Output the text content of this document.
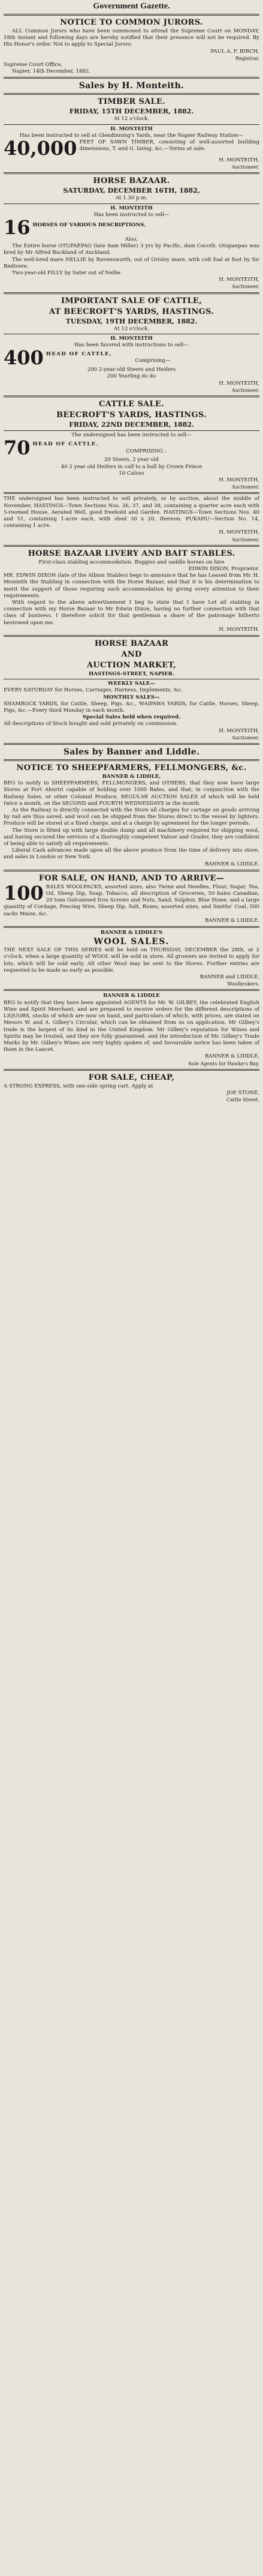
Government Gazette.
NOTICE TO COMMON JURORS.
ALL Common Jurors who have been summoned to attend the Supreme Court on MONDAY, 18th instant and following days are hereby notified that their presence will not be required. By His Honor's order. Not to apply to Special Jurors.
PAUL A. F. BIRCH,
Registrar.
Supreme Court Office,
Napier, 14th December, 1882.
Sales by H. Monteith.
TIMBER SALE.
FRIDAY, 15TH DECEMBER, 1882.
At 12 o'clock.
H. MONTEITH
Has been instructed to sell at Glendinning's Yards, near the Napier Railway Station—
40,000 FEET OF SAWN TIMBER, consisting of well-assorted building dimensions, T. and G. lining, &c.—Terms at sale.
H. MONTEITH,
Auctioneer.
HORSE BAZAAR.
SATURDAY, DECEMBER 16TH, 1882,
At 1.30 p.m.
H. MONTEITH
Has been instructed to sell—
16 HORSES OF VARIOUS DESCRIPTIONS.
Also,
The Entire horse OTUPAEPAO (late Sam Miller) 3 yrs by Pacific, dam Cocoth. Otupaepao was bred by Mr Alfred Buckland of Auckland.
The well-bred mare NELLIE by Ravensworth, out of Grisley mare, with colt foal at foot by Sir Bedivere.
Two-year-old FILLY by Sater out of Nellie
H. MONTEITH,
Auctioneer.
IMPORTANT SALE OF CATTLE,
AT BEECROFT'S YARDS, HASTINGS.
TUESDAY, 19TH DECEMBER, 1882.
At 12 o'clock.
H. MONTEITH
Has been favored with instructions to sell—
400 HEAD OF CATTLE,
Comprising—
200 2-year-old Steers and Heifers
200 Yearling do do
H. MONTEITH,
Auctioneer.
CATTLE SALE.
BEECROFT'S YARDS, HASTINGS.
FRIDAY, 22ND DECEMBER, 1882.
The undersigned has been instructed to sell—
70 HEAD OF CATTLE.
COMPRISING :
20 Steers, 2 year old
40 2 year old Heifers in calf to a bull by Crown Prince
10 Calves
H. MONTEITH,
Auctioneer.
THE undersigned has been instructed to sell privately, or by auction, about the middle of November, HASTINGS—Town Sections Nos. 26, 37, and 38, containing a quarter acre each with 5-roomed House, Aerated Well, good freehold and Garden. HASTINGS—Town Sections Nos. 40 and 51, containing 1-acre each, with shed 30 x 20, thereon. PUKAHU—Section No. 14, containing 1 acre.
H. MONTEITH,
Auctioneer.
HORSE BAZAAR LIVERY AND BAIT STABLES.
First-class stabling accommodation. Buggies and saddle horses on hire
EDWIN DIXON, Proprietor.
MR. EDWIN DIXON (late of the Albion Stables) begs to announce that he has Leased from Mr. H. Monteith the Stabling in connection with the Horse Bazaar, and that it is his determination to merit the support of those requiring such accommodation by giving every attention to their requirements.
With regard to the above advertisement I beg to state that I have Let all stabling in connection with my Horse Bazaar to Mr Edwin Dixon, having no further connection with that class of business. I therefore solicit for that gentleman a share of the patronage hitherto bestowed upon me.
H. MONTEITH.
HORSE BAZAAR
AND
AUCTION MARKET,
HASTINGS-STREET, NAPIER.
WEEKLY SALE—
EVERY SATURDAY for Horses, Carriages, Harness, Implements, &c.
MONTHLY SALES—
SHAMROCK YARDS, for Cattle, Sheep, Pigs, &c., WAIPAWA YARDS, for Cattle, Horses, Sheep, Pigs, &c.—Every third Monday in each month.
Special Sales held when required.
All descriptions of Stock bought and sold privately on commission.
H. MONTEITH,
Auctioneer.
Sales by Banner and Liddle.
NOTICE TO SHEEPFARMERS, FELLMONGERS, &c.
BANNER & LIDDLE,
BEG to notify to SHEEPFARMERS, FELLMONGERS, and OTHERS, that they now have large Stores at Port Ahuriri capable of holding over 1000 Bales, and that, in conjunction with the Railway Sales, or other Colonial Produce, REGULAR AUCTION SALES of which will be held twice a month, on the SECOND and FOURTH WEDNESDAYS in the month.
As the Railway is directly connected with the Store all charges for cartage on goods arriving by rail are thus saved, and wool can be shipped from the Stores direct to the vessel by lighters. Produce will be stored at a fixed charge, and at a charge by agreement for the longer periods.
The Store is fitted up with large double dump and all machinery required for shipping wool, and having secured the services of a thoroughly competent Valuer and Grader, they are confident of being able to satisfy all requirements.
Liberal Cash advances made upon all the above produce from the time of delivery into store, and sales in London or New York.
BANNER & LIDDLE.
FOR SALE, ON HAND, AND TO ARRIVE—
100 BALES WOOLPACKS, assorted sizes, also Twine and Needles, Flour, Sugar, Tea, Oil, Sheep Dip, Soap, Tobacco, all description of Groceries, 50 bales Canadian, 20 tons Galvanised Iron Screws and Nuts, Sand, Sulphur, Blue Stone, and a large quantity of Cordage, Fencing Wire, Sheep Dip, Salt, Boxes, assorted sizes, and Smiths' Coal, 500 sacks Maize, &c.
BANNER & LIDDLE.
BANNER & LIDDLE'S
WOOL SALES.
THE NEXT SALE OF THIS SERIES will be held on THURSDAY, DECEMBER the 28th, at 2 o'clock, when a large quantity of WOOL will be sold in store. All growers are invited to apply for lots, which will be sold early. All other Wool may be sent to the Stores. Further entries are requested to be made as early as possible.
BANNER and LIDDLE,
Woolbrokers.
BANNER & LIDDLE
BEG to notify that they have been appointed AGENTS for Mr. W. GILBEY, the celebrated English Wine and Spirit Merchant, and are prepared to receive orders for the different descriptions of LIQUORS, stocks of which are now on hand, and particulars of which, with prices, are stated on Messrs W. and A. Gilbey's Circular, which can be obtained from us on application. Mr Gilbey's trade is the largest of its kind in the United Kingdom. Mr Gilbey's reputation for Wines and Spirits may be trusted, and they are fully guaranteed, and the introduction of Mr. Gilbey's Trade Marks by Mr. Gilbey's Wines are very highly spoken of, and favourable notice has been taken of them in the Lancet.
BANNER & LIDDLE,
Sole Agents for Hawke's Bay.
FOR SALE, CHEAP,
A STRONG EXPRESS, with one-side spring cart. Apply at
JOE STONE,
Cattle Street.
